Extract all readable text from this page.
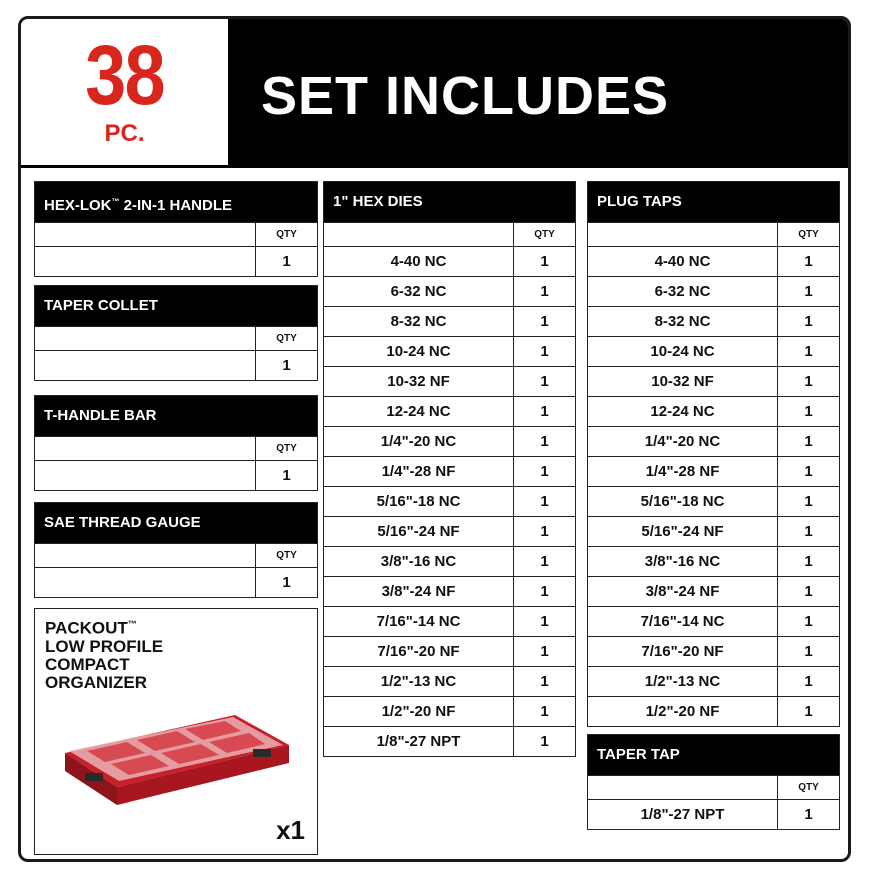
38
PC.
SET INCLUDES
HEX-LOK™ 2-IN-1 HANDLE
QTY
1
TAPER COLLET
QTY
1
T-HANDLE BAR
QTY
1
SAE THREAD GAUGE
QTY
1
PACKOUT™
LOW PROFILE
COMPACT
ORGANIZER
x1
1" HEX DIES
QTY
4-40 NC	1
6-32 NC	1
8-32 NC	1
10-24 NC	1
10-32 NF	1
12-24 NC	1
1/4"-20 NC	1
1/4"-28 NF	1
5/16"-18 NC	1
5/16"-24 NF	1
3/8"-16 NC	1
3/8"-24 NF	1
7/16"-14 NC	1
7/16"-20 NF	1
1/2"-13 NC	1
1/2"-20 NF	1
1/8"-27 NPT	1
PLUG TAPS
QTY
4-40 NC	1
6-32 NC	1
8-32 NC	1
10-24 NC	1
10-32 NF	1
12-24 NC	1
1/4"-20 NC	1
1/4"-28 NF	1
5/16"-18 NC	1
5/16"-24 NF	1
3/8"-16 NC	1
3/8"-24 NF	1
7/16"-14 NC	1
7/16"-20 NF	1
1/2"-13 NC	1
1/2"-20 NF	1
TAPER TAP
QTY
1/8"-27 NPT	1
